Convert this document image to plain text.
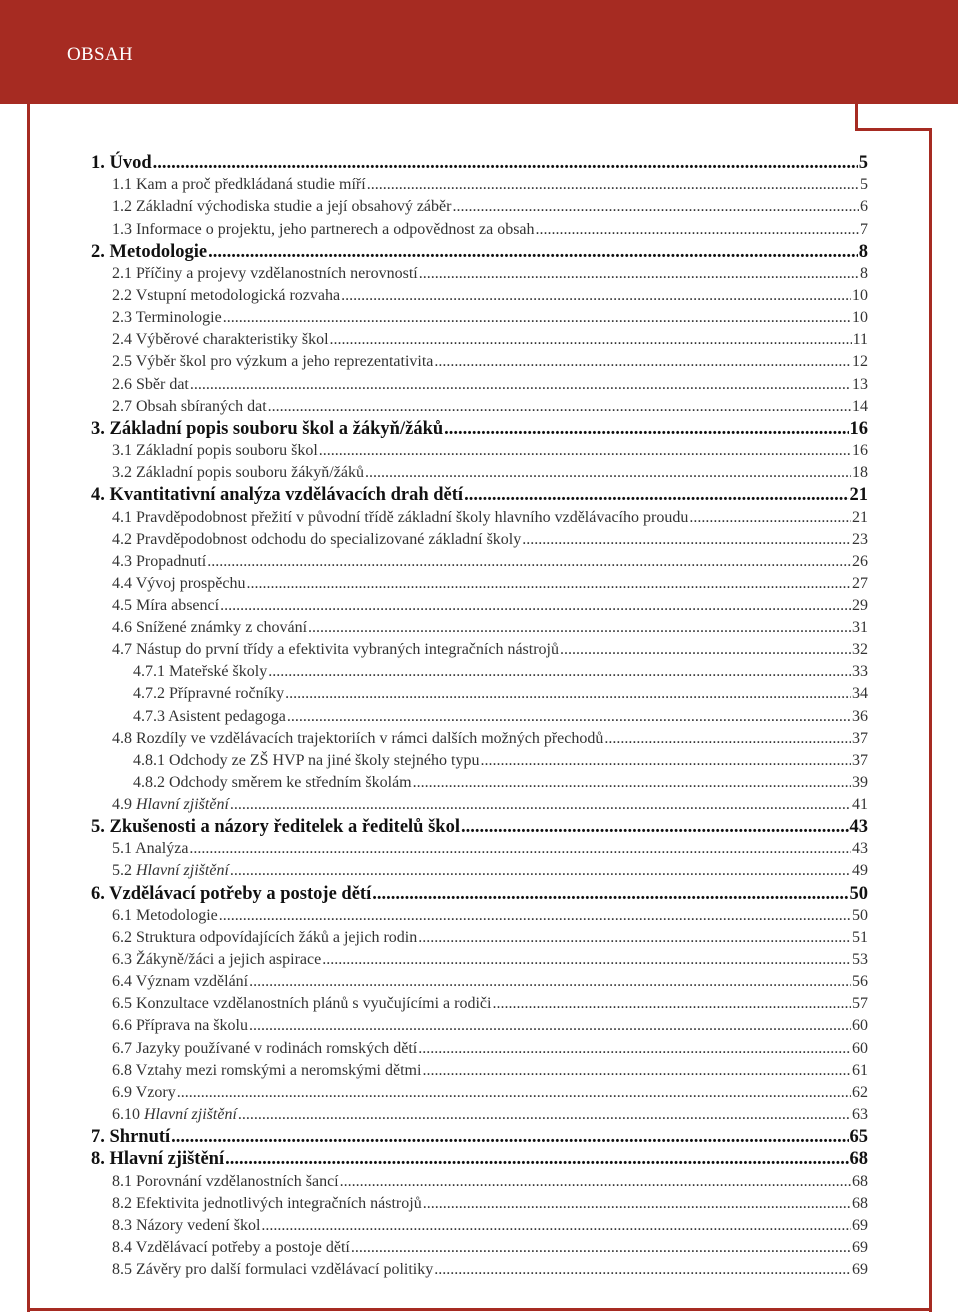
OBSAH
1. Úvod .....	5
1.1 Kam a proč předkládaná studie míří .....	5
1.2 Základní východiska studie a její obsahový záběr .....	6
1.3 Informace o projektu, jeho partnerech a odpovědnost za obsah .....	7
2. Metodologie .....	8
2.1 Příčiny a projevy vzdělanostních nerovností .....	8
2.2 Vstupní metodologická rozvaha .....	10
2.3 Terminologie .....	10
2.4 Výběrové charakteristiky škol .....	11
2.5 Výběr škol pro výzkum a jeho reprezentativita .....	12
2.6 Sběr dat .....	13
2.7 Obsah sbíraných dat .....	14
3. Základní popis souboru škol a žákyň/žáků .....	16
3.1 Základní popis souboru škol .....	16
3.2 Základní popis souboru žákyň/žáků .....	18
4. Kvantitativní analýza vzdělávacích drah dětí .....	21
4.1 Pravděpodobnost přežití v původní třídě základní školy hlavního vzdělávacího proudu .....	21
4.2 Pravděpodobnost odchodu do specializované základní školy .....	23
4.3 Propadnutí .....	26
4.4 Vývoj prospěchu .....	27
4.5 Míra absencí .....	29
4.6 Snížené známky z chování .....	31
4.7 Nástup do první třídy a efektivita vybraných integračních nástrojů .....	32
4.7.1 Mateřské školy .....	33
4.7.2 Přípravné ročníky .....	34
4.7.3 Asistent pedagoga .....	36
4.8 Rozdíly ve vzdělávacích trajektoriích v rámci dalších možných přechodů .....	37
4.8.1 Odchody ze ZŠ HVP na jiné školy stejného typu .....	37
4.8.2 Odchody směrem ke středním školám .....	39
4.9 Hlavní zjištění .....	41
5. Zkušenosti a názory ředitelek a ředitelů škol .....	43
5.1 Analýza .....	43
5.2 Hlavní zjištění .....	49
6. Vzdělávací potřeby a postoje dětí .....	50
6.1 Metodologie .....	50
6.2 Struktura odpovídajících žáků a jejich rodin .....	51
6.3 Žákyně/žáci a jejich aspirace .....	53
6.4 Význam vzdělání .....	56
6.5 Konzultace vzdělanostních plánů s vyučujícími a rodiči .....	57
6.6 Příprava na školu .....	60
6.7 Jazyky používané v rodinách romských dětí .....	60
6.8 Vztahy mezi romskými a neromskými dětmi .....	61
6.9 Vzory .....	62
6.10 Hlavní zjištění .....	63
7. Shrnutí .....	65
8. Hlavní zjištění .....	68
8.1 Porovnání vzdělanostních šancí .....	68
8.2 Efektivita jednotlivých integračních nástrojů .....	68
8.3 Názory vedení škol .....	69
8.4 Vzdělávací potřeby a postoje dětí .....	69
8.5 Závěry pro další formulaci vzdělávací politiky .....	69
